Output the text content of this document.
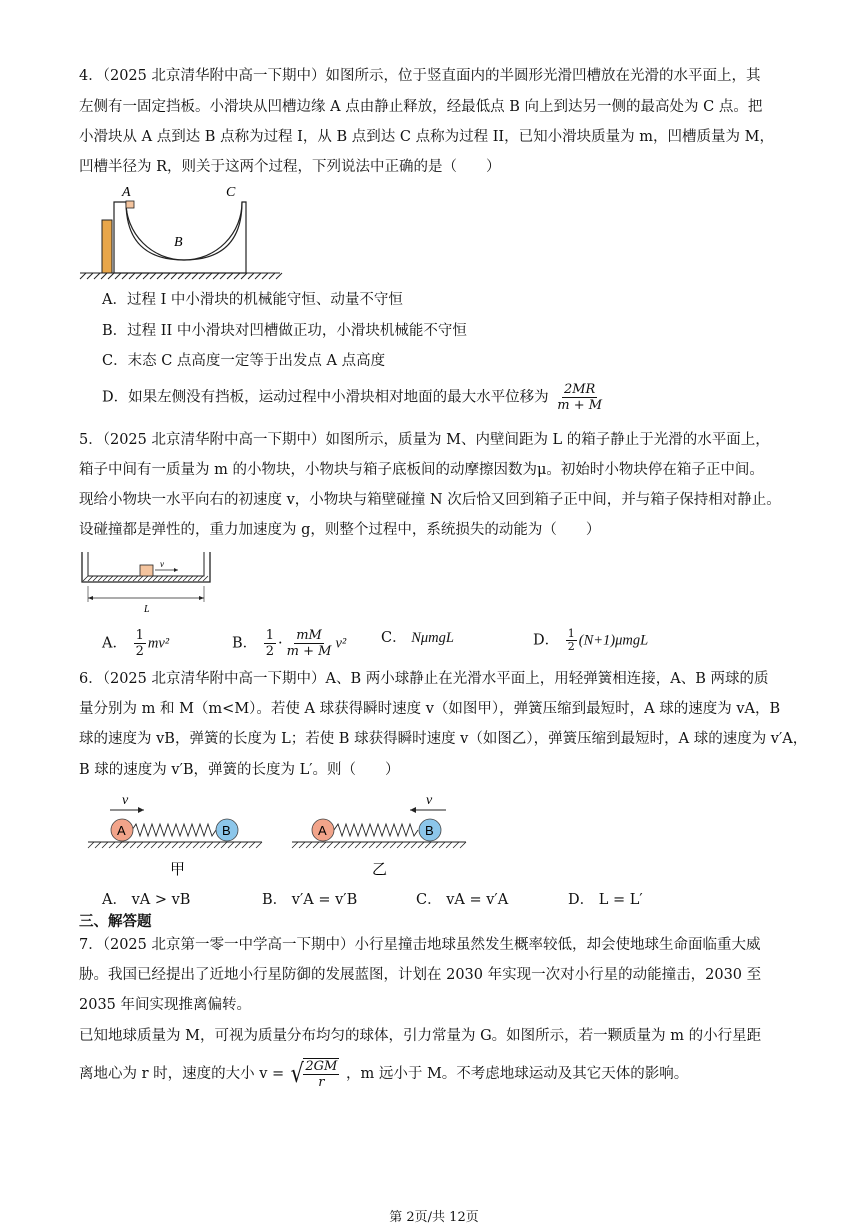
4．（2025 北京清华附中高一下期中）如图所示，位于竖直面内的半圆形光滑凹槽放在光滑的水平面上，其
左侧有一固定挡板。小滑块从凹槽边缘 A 点由静止释放，经最低点 B 向上到达另一侧的最高处为 C 点。把
小滑块从 A 点到达 B 点称为过程 I，从 B 点到达 C 点称为过程 II，已知小滑块质量为 m，凹槽质量为 M，
凹槽半径为 R，则关于这两个过程，下列说法中正确的是（　　）
A
B
C
A．过程 I 中小滑块的机械能守恒、动量不守恒
B．过程 II 中小滑块对凹槽做正功，小滑块机械能不守恒
C．末态 C 点高度一定等于出发点 A 点高度
D．如果左侧没有挡板，运动过程中小滑块相对地面的最大水平位移为 $\frac{2MR}{m + M}$
5．（2025 北京清华附中高一下期中）如图所示，质量为 M、内壁间距为 L 的箱子静止于光滑的水平面上，
箱子中间有一质量为 m 的小物块，小物块与箱子底板间的动摩擦因数为μ。初始时小物块停在箱子正中间。
现给小物块一水平向右的初速度 v，小物块与箱壁碰撞 N 次后恰又回到箱子正中间，并与箱子保持相对静止。
设碰撞都是弹性的，重力加速度为 g，则整个过程中，系统损失的动能为（　　）
v
L
A． $\frac{1}{2} mv^2$	B． $\frac{1}{2} \cdot \frac{mM}{m + M} v^2$ C． NμmgL	D． $\frac{1}{2} (N+1)\mu mgL$
6．（2025 北京清华附中高一下期中）A、B 两小球静止在光滑水平面上，用轻弹簧相连接，A、B 两球的质
量分别为 m 和 M（m<M）。若使 A 球获得瞬时速度 v（如图甲），弹簧压缩到最短时，A 球的速度为 vA，B
球的速度为 vB，弹簧的长度为 L；若使 B 球获得瞬时速度 v（如图乙），弹簧压缩到最短时，A 球的速度为 v′A，
B 球的速度为 v′B，弹簧的长度为 L′。则（　　）
v
A	B
甲
v
A	B
乙
A． vA > vB	B． v′A = v′B	C． vA = v′A	D． L = L′
三、解答题
7．（2025 北京第一零一中学高一下期中）小行星撞击地球虽然发生概率较低，却会使地球生命面临重大威
胁。我国已经提出了近地小行星防御的发展蓝图，计划在 2030 年实现一次对小行星的动能撞击，2030 至
2035 年间实现推离偏转。
已知地球质量为 M，可视为质量分布均匀的球体，引力常量为 G。如图所示，若一颗质量为 m 的小行星距
离地心为 r 时，速度的大小 v = √ $\frac{2GM}{r}$ ，m 远小于 M。不考虑地球运动及其它天体的影响。
第 2页/共 12页
